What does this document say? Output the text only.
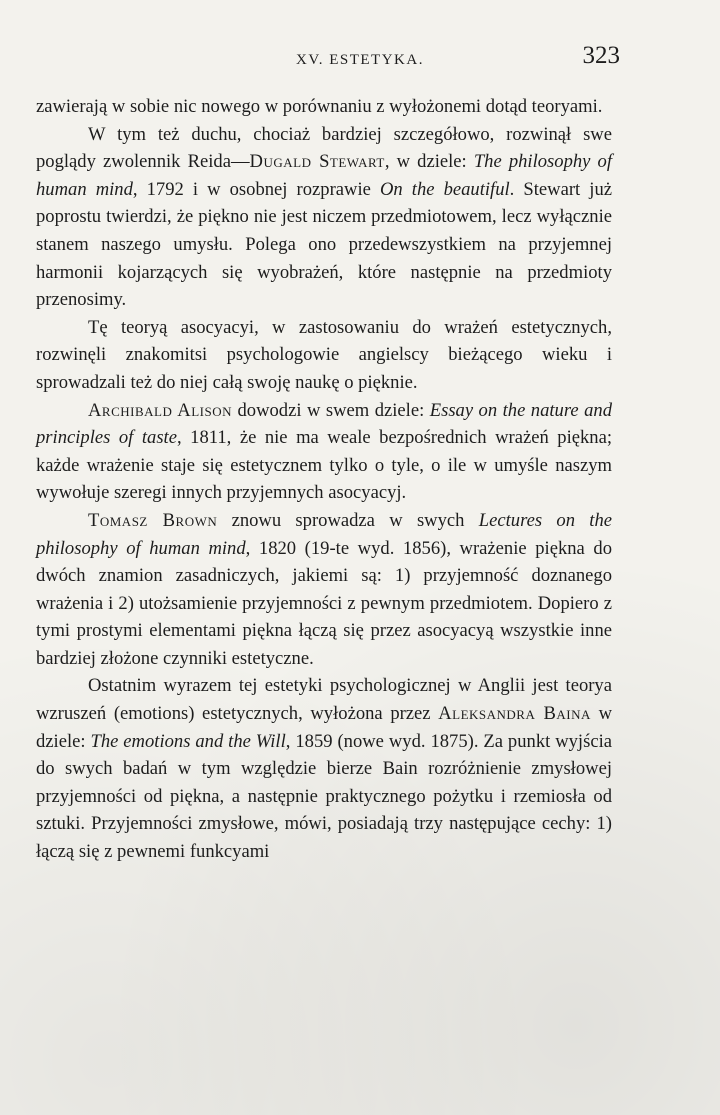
XV. ESTETYKA.	323

zawierają w sobie nic nowego w porównaniu z wyłożonemi dotąd teoryami.

W tym też duchu, chociaż bardziej szczegółowo, rozwinął swe poglądy zwolennik Reida—Dugald Stewart, w dziele: The philosophy of human mind, 1792 i w osobnej rozprawie On the beautiful. Stewart już poprostu twierdzi, że piękno nie jest niczem przedmiotowem, lecz wyłącznie stanem naszego umysłu. Polega ono przedewszystkiem na przyjemnej harmonii kojarzących się wyobrażeń, które następnie na przedmioty przenosimy.

Tę teoryą asocyacyi, w zastosowaniu do wrażeń estetycznych, rozwinęli znakomitsi psychologowie angielscy bieżącego wieku i sprowadzali też do niej całą swoję naukę o pięknie.

Archibald Alison dowodzi w swem dziele: Essay on the nature and principles of taste, 1811, że nie ma weale bezpośrednich wrażeń piękna; każde wrażenie staje się estetycznem tylko o tyle, o ile w umyśle naszym wywołuje szeregi innych przyjemnych asocyacyj.

Tomasz Brown znowu sprowadza w swych Lectures on the philosophy of human mind, 1820 (19-te wyd. 1856), wrażenie piękna do dwóch znamion zasadniczych, jakiemi są: 1) przyjemność doznanego wrażenia i 2) utożsamienie przyjemności z pewnym przedmiotem. Dopiero z tymi prostymi elementami piękna łączą się przez asocyacyą wszystkie inne bardziej złożone czynniki estetyczne.

Ostatnim wyrazem tej estetyki psychologicznej w Anglii jest teorya wzruszeń (emotions) estetycznych, wyłożona przez Aleksandra Baina w dziele: The emotions and the Will, 1859 (nowe wyd. 1875). Za punkt wyjścia do swych badań w tym względzie bierze Bain rozróżnienie zmysłowej przyjemności od piękna, a następnie praktycznego pożytku i rzemiosła od sztuki. Przyjemności zmysłowe, mówi, posiadają trzy następujące cechy: 1) łączą się z pewnemi funkcyami
